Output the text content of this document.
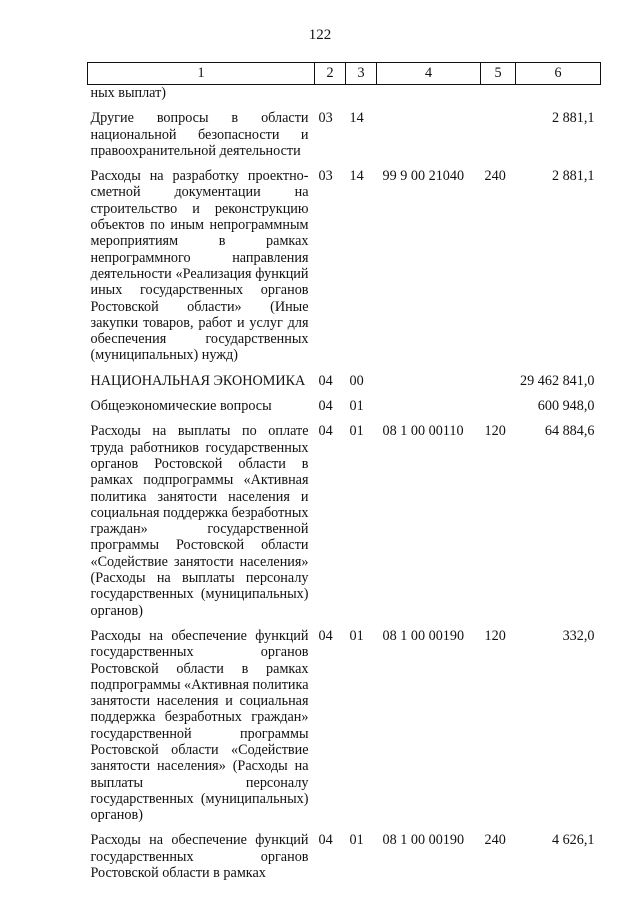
122
1	2	3	4	5	6
ных выплат)					
Другие вопросы в области национальной безопасности и правоохранительной деятельности	03	14			2 881,1
Расходы на разработку проектно-сметной документации на строительство и реконструкцию объектов по иным непрограммным мероприятиям в рамках непрограммного направления деятельности «Реализация функций иных государственных органов Ростовской области» (Иные закупки товаров, работ и услуг для обеспечения государственных (муниципальных) нужд)	03	14	99 9 00 21040	240	2 881,1
НАЦИОНАЛЬНАЯ ЭКОНОМИКА	04	00			29 462 841,0
Общеэкономические вопросы	04	01			600 948,0
Расходы на выплаты по оплате труда работников государственных органов Ростовской области в рамках подпрограммы «Активная политика занятости населения и социальная поддержка безработных граждан» государственной программы Ростовской области «Содействие занятости населения» (Расходы на выплаты персоналу государственных (муниципальных) органов)	04	01	08 1 00 00110	120	64 884,6
Расходы на обеспечение функций государственных органов Ростовской области в рамках подпрограммы «Активная политика занятости населения и социальная поддержка безработных граждан» государственной программы Ростовской области «Содействие занятости населения» (Расходы на выплаты персоналу государственных (муниципальных) органов)	04	01	08 1 00 00190	120	332,0
Расходы на обеспечение функций государственных органов Ростовской области в рамках	04	01	08 1 00 00190	240	4 626,1
